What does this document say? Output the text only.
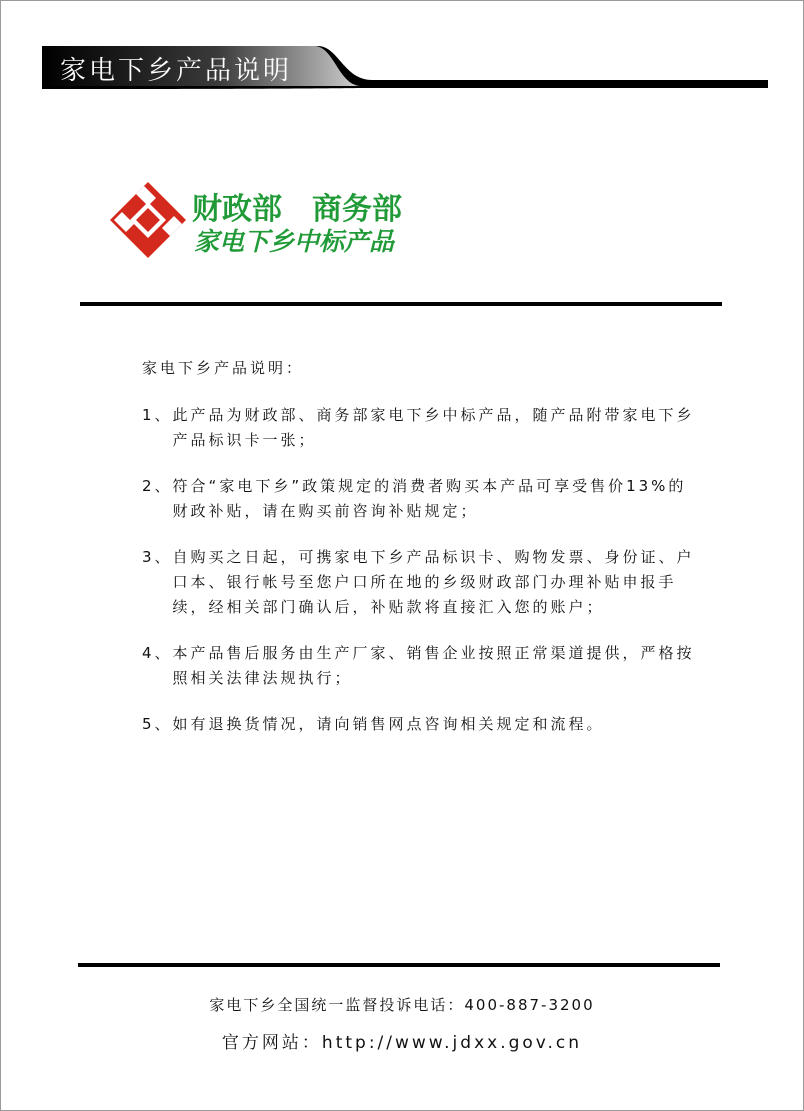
家电下乡产品说明
财政部　商务部
家电下乡中标产品
家电下乡产品说明：
1、 此产品为财政部、商务部家电下乡中标产品，随产品附带家电下乡产品标识卡一张；
2、 符合“家电下乡”政策规定的消费者购买本产品可享受售价13%的财政补贴，请在购买前咨询补贴规定；
3、 自购买之日起，可携家电下乡产品标识卡、购物发票、身份证、户口本、银行帐号至您户口所在地的乡级财政部门办理补贴申报手续，经相关部门确认后，补贴款将直接汇入您的账户；
4、 本产品售后服务由生产厂家、销售企业按照正常渠道提供，严格按照相关法律法规执行；
5、 如有退换货情况，请向销售网点咨询相关规定和流程。
家电下乡全国统一监督投诉电话：400-887-3200
官方网站：http://www.jdxx.gov.cn
